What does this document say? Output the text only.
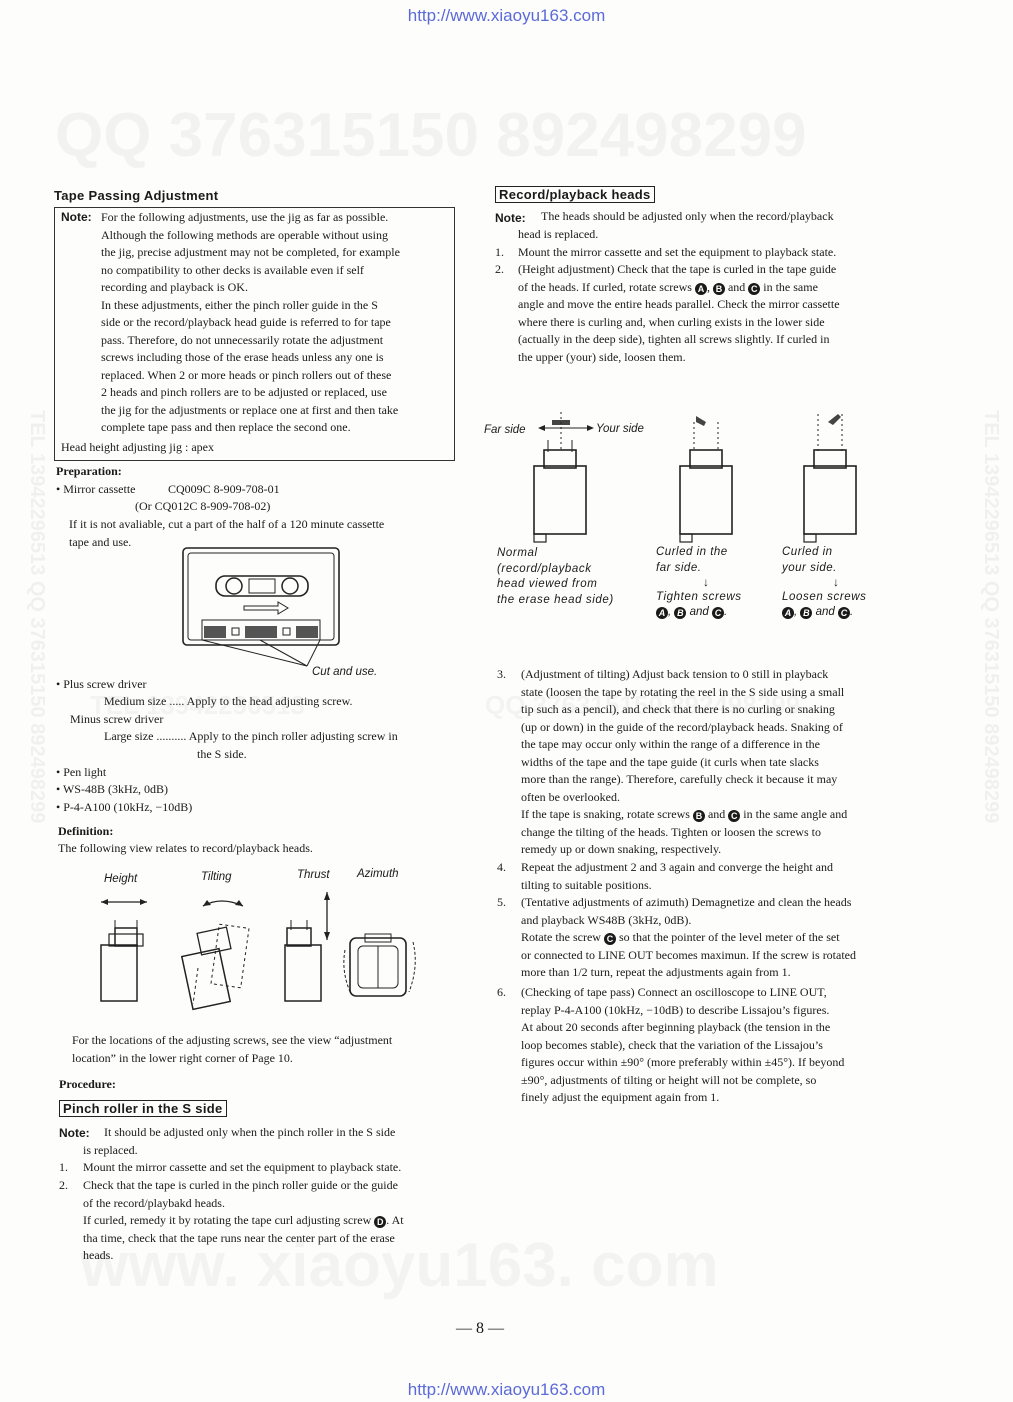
http://www.xiaoyu163.com
http://www.xiaoyu163.com
TEL 13942296513 QQ 376315150 892498299	TEL 13942296513 QQ 376315150 892498299
Tape Passing Adjustment
Note: For the following adjustments, use the jig as far as possible.
Although the following methods are operable without using
the jig, precise adjustment may not be completed, for example
no compatibility to other decks is available even if self
recording and playback is OK.
In these adjustments, either the pinch roller guide in the S
side or the record/playback head guide is referred to for tape
pass. Therefore, do not unnecessarily rotate the adjustment
screws including those of the erase heads unless any one is
replaced. When 2 or more heads or pinch rollers out of these
2 heads and pinch rollers are to be adjusted or replaced, use
the jig for the adjustments or replace one at first and then take
complete tape pass and then replace the second one.
Head height adjusting jig : apex
Preparation:
• Mirror cassette	CQ009C 8-909-708-01
(Or CQ012C 8-909-708-02)
If it is not avaliable, cut a part of the half of a 120 minute cassette
tape and use.
Cut and use.
• Plus screw driver
Medium size ..... Apply to the head adjusting screw.
Minus screw driver
Large size .......... Apply to the pinch roller adjusting screw in
the S side.
• Pen light
• WS-48B (3kHz, 0dB)
• P-4-A100 (10kHz, −10dB)
Definition:
The following view relates to record/playback heads.
Height	Tilting	Thrust Azimuth
For the locations of the adjusting screws, see the view “adjustment
location” in the lower right corner of Page 10.
Procedure:
Pinch roller in the S side
Note: It should be adjusted only when the pinch roller in the S side
is replaced.
1. Mount the mirror cassette and set the equipment to playback state.
2. Check that the tape is curled in the pinch roller guide or the guide
of the record/playbakd heads.
If curled, remedy it by rotating the tape curl adjusting screw D . At
tha time, check that the tape runs near the center part of the erase
heads.
Record/playback heads
Note: The heads should be adjusted only when the record/playback
head is replaced.
1. Mount the mirror cassette and set the equipment to playback state.
2. (Height adjustment) Check that the tape is curled in the tape guide
of the heads. If curled, rotate screws A , B and C in the same
angle and move the entire heads parallel. Check the mirror cassette
where there is curling and, when curling exists in the lower side
(actually in the deep side), tighten all screws slightly. If curled in
the upper (your) side, loosen them.
Far side	Your side
Normal
(record/playback
head viewed from
the erase head side)
Curled in the
far side.
↓
Tighten screws
A , B and C .
Curled in
your side.
↓
Loosen screws
A , B and C .
3. (Adjustment of tilting) Adjust back tension to 0 still in playback
state (loosen the tape by rotating the reel in the S side using a small
tip such as a pencil), and check that there is no curling or snaking
(up or down) in the guide of the record/playback heads. Snaking of
the tape may occur only within the range of a difference in the
widths of the tape and the tape guide (it curls when tate slacks
more than the range). Therefore, carefully check it because it may
often be overlooked.
If the tape is snaking, rotate screws B and C in the same angle and
change the tilting of the heads. Tighten or loosen the screws to
remedy up or down snaking, respectively.
4. Repeat the adjustment 2 and 3 again and converge the height and
tilting to suitable positions.
5. (Tentative adjustments of azimuth) Demagnetize and clean the heads
and playback WS48B (3kHz, 0dB).
Rotate the screw C so that the pointer of the level meter of the set
or connected to LINE OUT becomes maximun. If the screw is rotated
more than 1/2 turn, repeat the adjustments again from 1.
6. (Checking of tape pass) Connect an oscilloscope to LINE OUT,
replay P-4-A100 (10kHz, −10dB) to describe Lissajou’s figures.
At about 20 seconds after beginning playback (the tension in the
loop becomes stable), check that the variation of the Lissajou’s
figures occur within ±90° (more preferably within ±45°). If beyond
±90°, adjustments of tilting or height will not be complete, so
finely adjust the equipment again from 1.
— 8 —
